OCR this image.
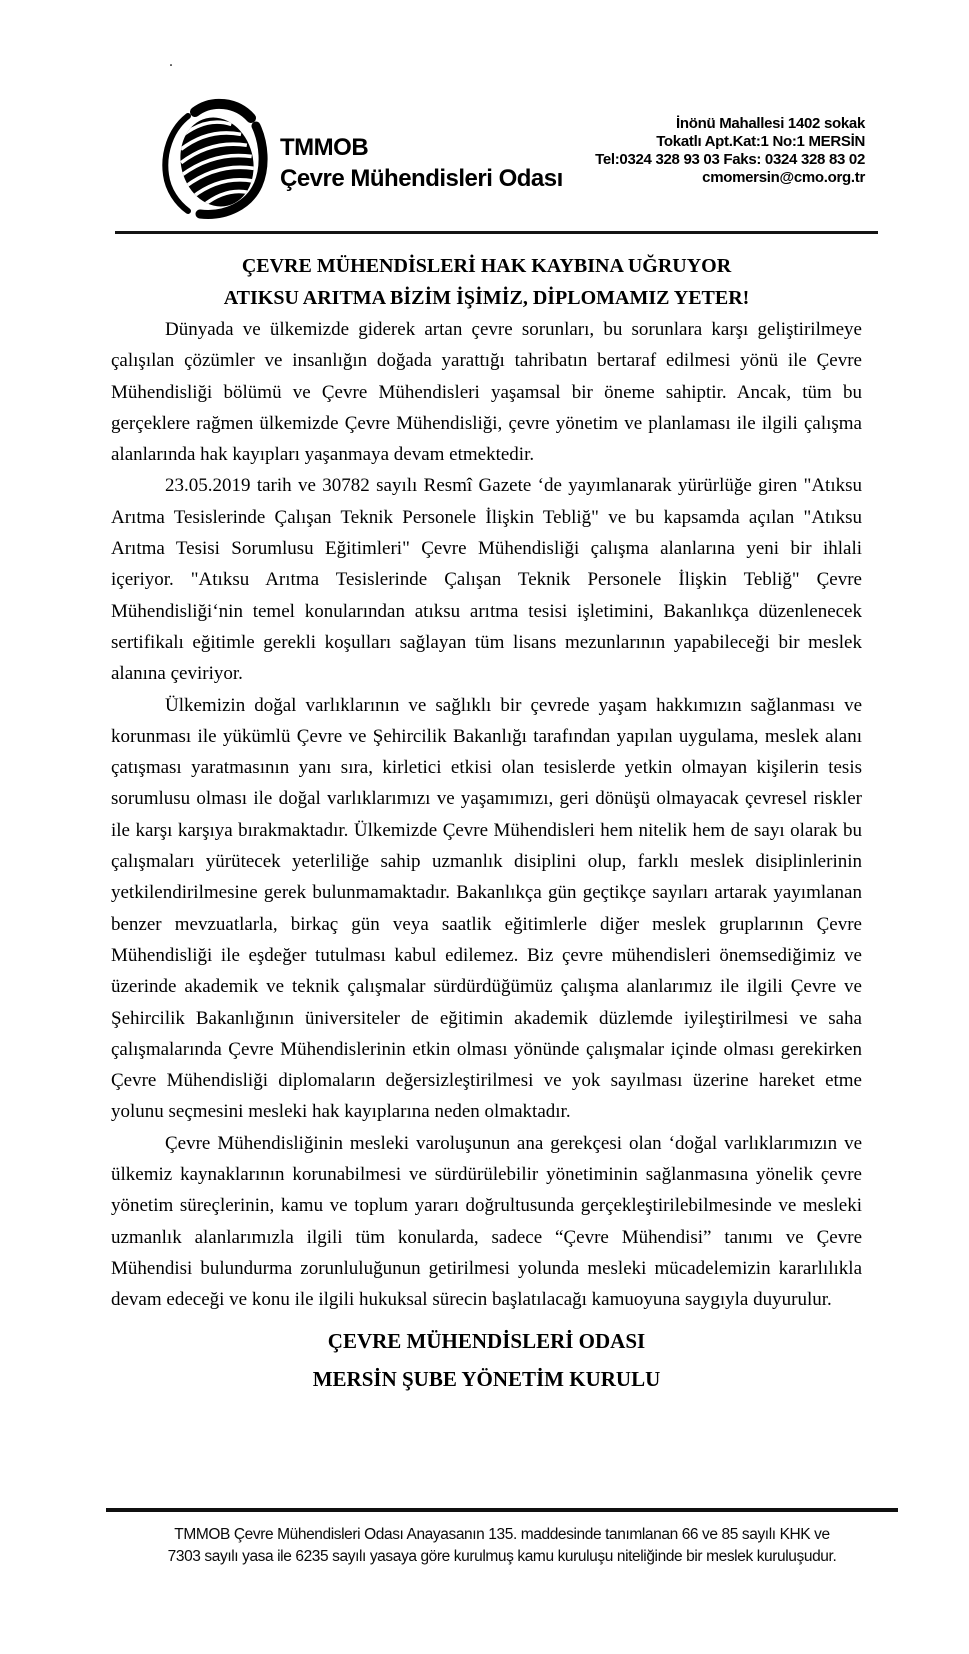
.
TMMOB
Çevre Mühendisleri Odası
İnönü Mahallesi 1402 sokak
Tokatlı Apt.Kat:1 No:1 MERSİN
Tel:0324 328 93 03 Faks: 0324 328 83 02
cmomersin@cmo.org.tr
ÇEVRE MÜHENDİSLERİ HAK KAYBINA UĞRUYOR
ATIKSU ARITMA BİZİM İŞİMİZ, DİPLOMAMIZ YETER!

Dünyada ve ülkemizde giderek artan çevre sorunları, bu sorunlara karşı geliştirilmeye çalışılan çözümler ve insanlığın doğada yarattığı tahribatın bertaraf edilmesi yönü ile Çevre Mühendisliği bölümü ve Çevre Mühendisleri yaşamsal bir öneme sahiptir. Ancak, tüm bu gerçeklere rağmen ülkemizde Çevre Mühendisliği, çevre yönetim ve planlaması ile ilgili çalışma alanlarında hak kayıpları yaşanmaya devam etmektedir.

23.05.2019 tarih ve 30782 sayılı Resmî Gazete ‘de yayımlanarak yürürlüğe giren "Atıksu Arıtma Tesislerinde Çalışan Teknik Personele İlişkin Tebliğ" ve bu kapsamda açılan "Atıksu Arıtma Tesisi Sorumlusu Eğitimleri" Çevre Mühendisliği çalışma alanlarına yeni bir ihlali içeriyor. "Atıksu Arıtma Tesislerinde Çalışan Teknik Personele İlişkin Tebliğ" Çevre Mühendisliği‘nin temel konularından atıksu arıtma tesisi işletimini, Bakanlıkça düzenlenecek sertifikalı eğitimle gerekli koşulları sağlayan tüm lisans mezunlarının yapabileceği bir meslek alanına çeviriyor.

Ülkemizin doğal varlıklarının ve sağlıklı bir çevrede yaşam hakkımızın sağlanması ve korunması ile yükümlü Çevre ve Şehircilik Bakanlığı tarafından yapılan uygulama, meslek alanı çatışması yaratmasının yanı sıra, kirletici etkisi olan tesislerde yetkin olmayan kişilerin tesis sorumlusu olması ile doğal varlıklarımızı ve yaşamımızı, geri dönüşü olmayacak çevresel riskler ile karşı karşıya bırakmaktadır. Ülkemizde Çevre Mühendisleri hem nitelik hem de sayı olarak bu çalışmaları yürütecek yeterliliğe sahip uzmanlık disiplini olup, farklı meslek disiplinlerinin yetkilendirilmesine gerek bulunmamaktadır. Bakanlıkça gün geçtikçe sayıları artarak yayımlanan benzer mevzuatlarla, birkaç gün veya saatlik eğitimlerle diğer meslek gruplarının Çevre Mühendisliği ile eşdeğer tutulması kabul edilemez. Biz çevre mühendisleri önemsediğimiz ve üzerinde akademik ve teknik çalışmalar sürdürdüğümüz çalışma alanlarımız ile ilgili Çevre ve Şehircilik Bakanlığının üniversiteler de eğitimin akademik düzlemde iyileştirilmesi ve saha çalışmalarında Çevre Mühendislerinin etkin olması yönünde çalışmalar içinde olması gerekirken Çevre Mühendisliği diplomaların değersizleştirilmesi ve yok sayılması üzerine hareket etme yolunu seçmesini mesleki hak kayıplarına neden olmaktadır.

Çevre Mühendisliğinin mesleki varoluşunun ana gerekçesi olan ‘doğal varlıklarımızın ve ülkemiz kaynaklarının korunabilmesi ve sürdürülebilir yönetiminin sağlanmasına yönelik çevre yönetim süreçlerinin, kamu ve toplum yararı doğrultusunda gerçekleştirilebilmesinde ve mesleki uzmanlık alanlarımızla ilgili tüm konularda, sadece “Çevre Mühendisi” tanımı ve Çevre Mühendisi bulundurma zorunluluğunun getirilmesi yolunda mesleki mücadelemizin kararlılıkla devam edeceği ve konu ile ilgili hukuksal sürecin başlatılacağı kamuoyuna saygıyla duyurulur.

ÇEVRE MÜHENDİSLERİ ODASI
MERSİN ŞUBE YÖNETİM KURULU
TMMOB Çevre Mühendisleri Odası Anayasanın 135. maddesinde tanımlanan 66 ve 85 sayılı KHK ve
7303 sayılı yasa ile 6235 sayılı yasaya göre kurulmuş kamu kuruluşu niteliğinde bir meslek kuruluşudur.
